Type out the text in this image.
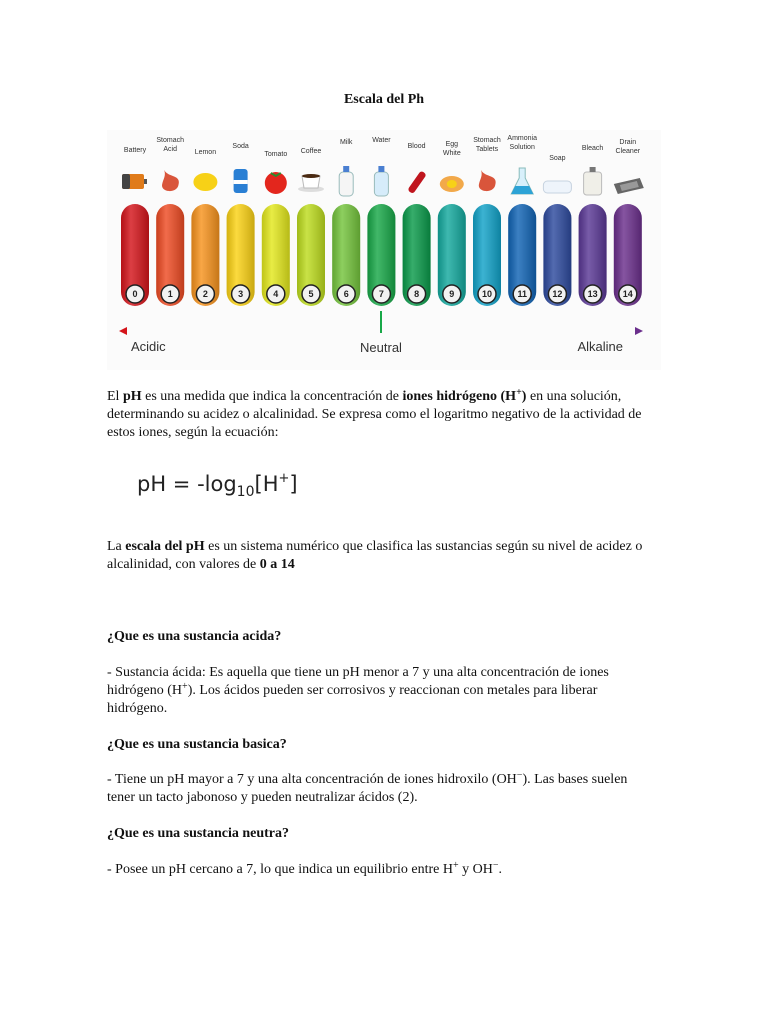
Escala del Ph
Battery
Stomach Acid	Lemon
Soda
Tomato Coffee
Milk	Water
Blood	Egg White
Stomach Tablets
Ammonia Solution
Soap
Bleach
Drain Cleaner
0	1	2	3	4	5	6	7	8	9	10	11	12	13	14
Acidic	Neutral	Alkaline

El pH es una medida que indica la concentración de iones hidrógeno (H+) en una solución, determinando su acidez o alcalinidad. Se expresa como el logaritmo negativo de la actividad de estos iones, según la ecuación:

pH = $-\log_{10}[H^+]$

La escala del pH es un sistema numérico que clasifica las sustancias según su nivel de acidez o alcalinidad, con valores de 0 a 14

¿Que es una sustancia acida?

- Sustancia ácida: Es aquella que tiene un pH menor a 7 y una alta concentración de iones hidrógeno (H+). Los ácidos pueden ser corrosivos y reaccionan con metales para liberar hidrógeno.

¿Que es una sustancia basica?

- Tiene un pH mayor a 7 y una alta concentración de iones hidroxilo (OH−). Las bases suelen tener un tacto jabonoso y pueden neutralizar ácidos (2).

¿Que es una sustancia neutra?

- Posee un pH cercano a 7, lo que indica un equilibrio entre H+ y OH−.
